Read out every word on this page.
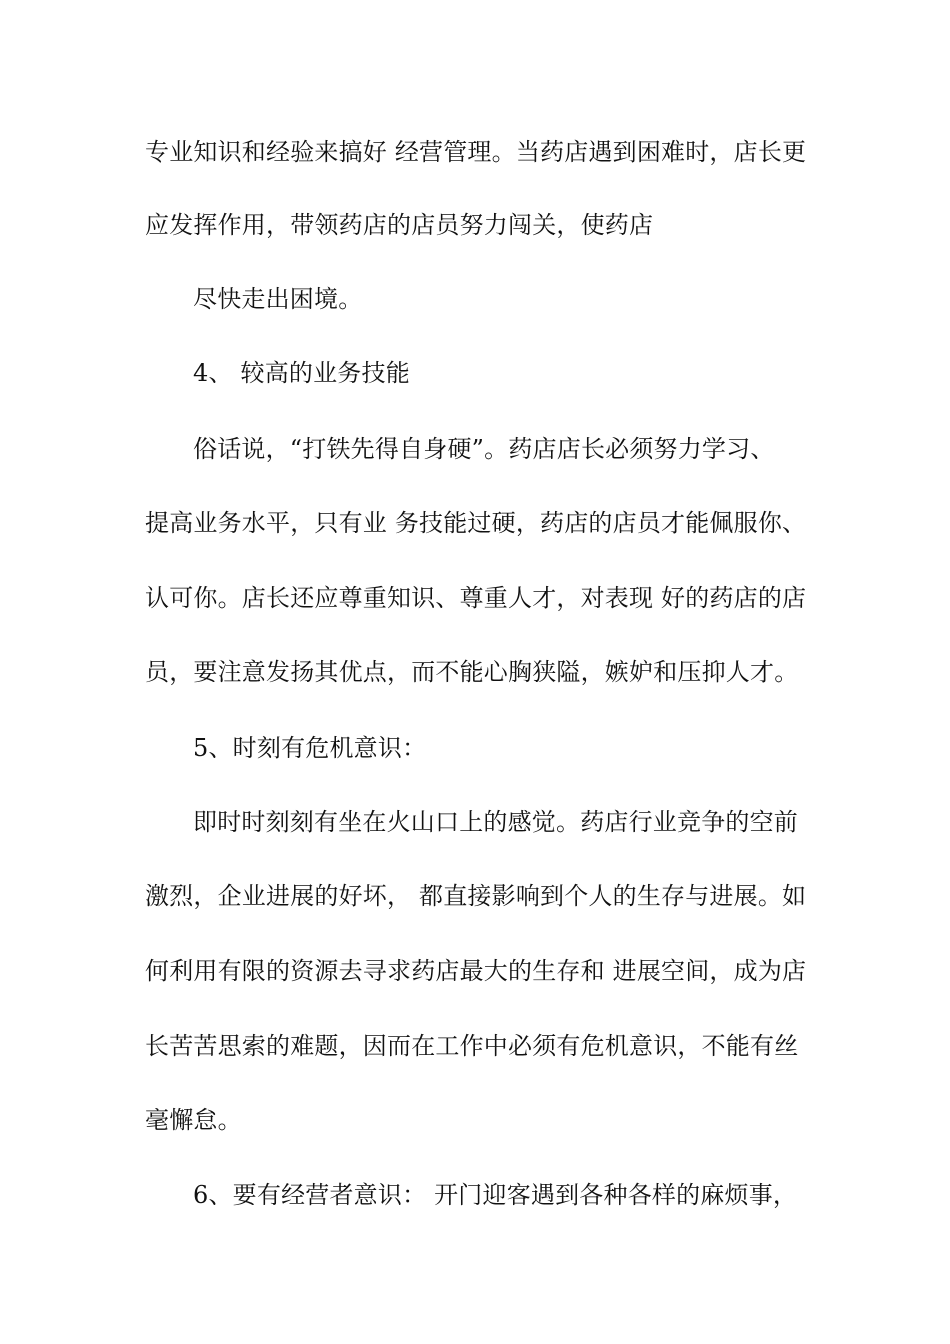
专业知识和经验来搞好 经营管理。当药店遇到困难时，店长更
应发挥作用，带领药店的店员努力闯关，使药店
尽快走出困境。
4、 较高的业务技能
俗话说，“打铁先得自身硬”。药店店长必须努力学习、
提高业务水平，只有业 务技能过硬，药店的店员才能佩服你、
认可你。店长还应尊重知识、尊重人才，对表现 好的药店的店
员，要注意发扬其优点，而不能心胸狭隘，嫉妒和压抑人才。
5、时刻有危机意识：
即时时刻刻有坐在火山口上的感觉。药店行业竞争的空前
激烈，企业进展的好坏， 都直接影响到个人的生存与进展。如
何利用有限的资源去寻求药店最大的生存和 进展空间，成为店
长苦苦思索的难题，因而在工作中必须有危机意识，不能有丝
毫懈怠。
6、要有经营者意识： 开门迎客遇到各种各样的麻烦事，
